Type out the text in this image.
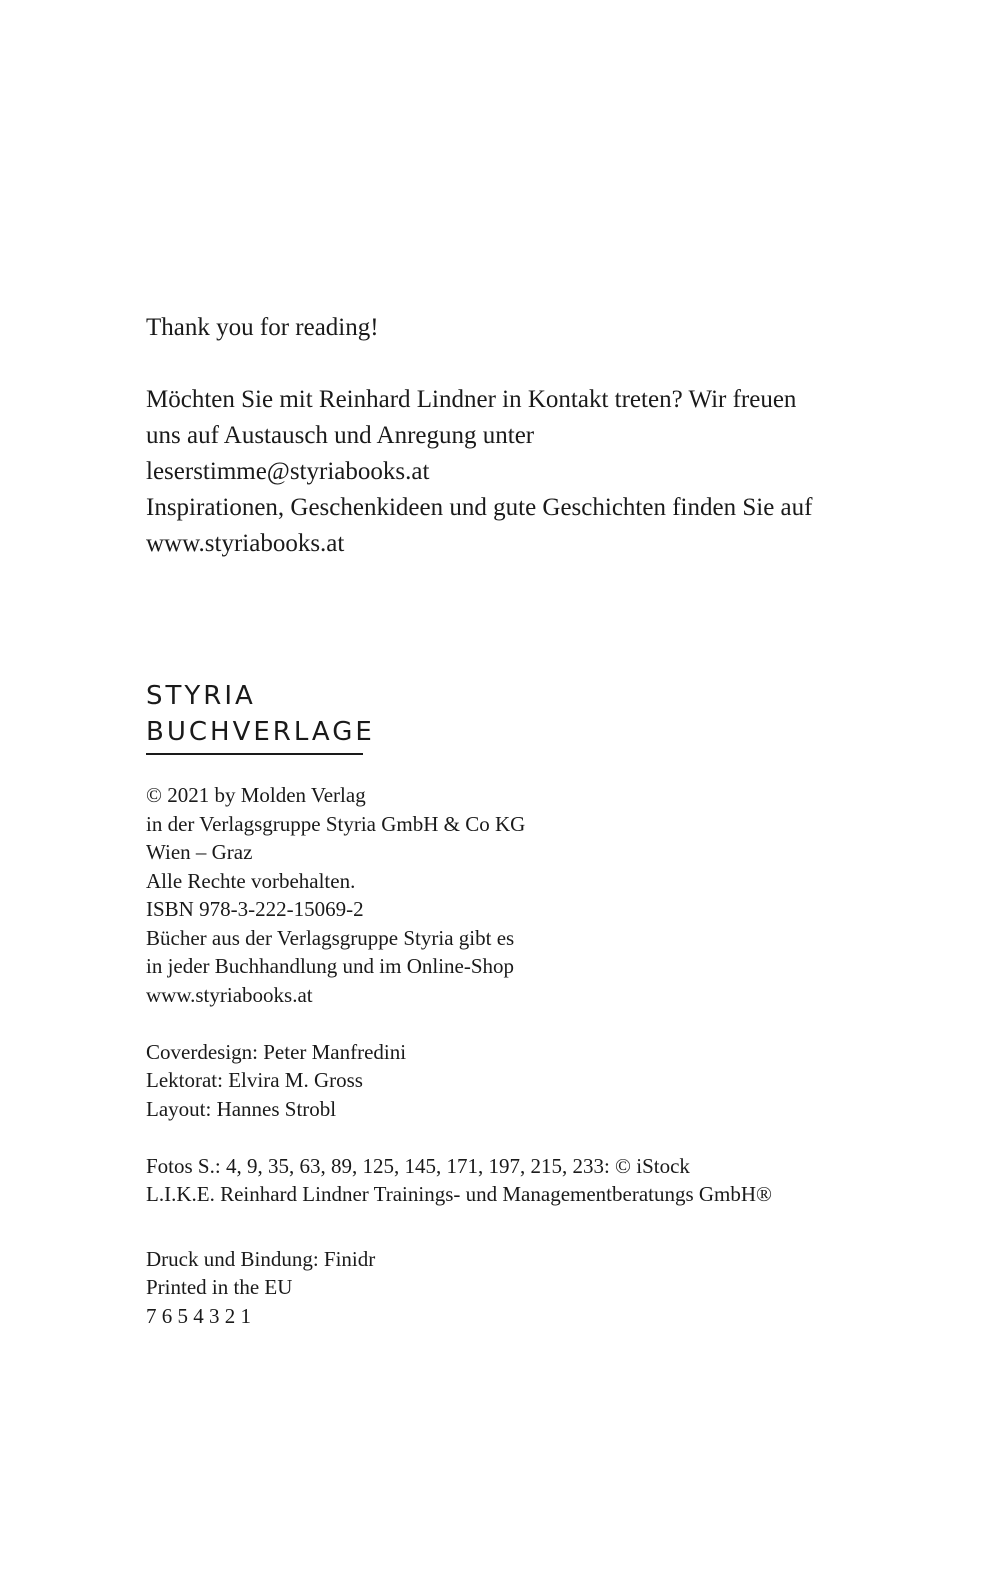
Thank you for reading!
Möchten Sie mit Reinhard Lindner in Kontakt treten? Wir freuen
uns auf Austausch und Anregung unter
leserstimme@styriabooks.at
Inspirationen, Geschenkideen und gute Geschichten finden Sie auf
www.styriabooks.at
STYRIA
BUCHVERLAGE
© 2021 by Molden Verlag
in der Verlagsgruppe Styria GmbH & Co KG
Wien – Graz
Alle Rechte vorbehalten.
ISBN 978-3-222-15069-2
Bücher aus der Verlagsgruppe Styria gibt es
in jeder Buchhandlung und im Online-Shop
www.styriabooks.at
Coverdesign: Peter Manfredini
Lektorat: Elvira M. Gross
Layout: Hannes Strobl
Fotos S.: 4, 9, 35, 63, 89, 125, 145, 171, 197, 215, 233: © iStock
L.I.K.E. Reinhard Lindner Trainings- und Managementberatungs GmbH®
Druck und Bindung: Finidr
Printed in the EU
7 6 5 4 3 2 1
